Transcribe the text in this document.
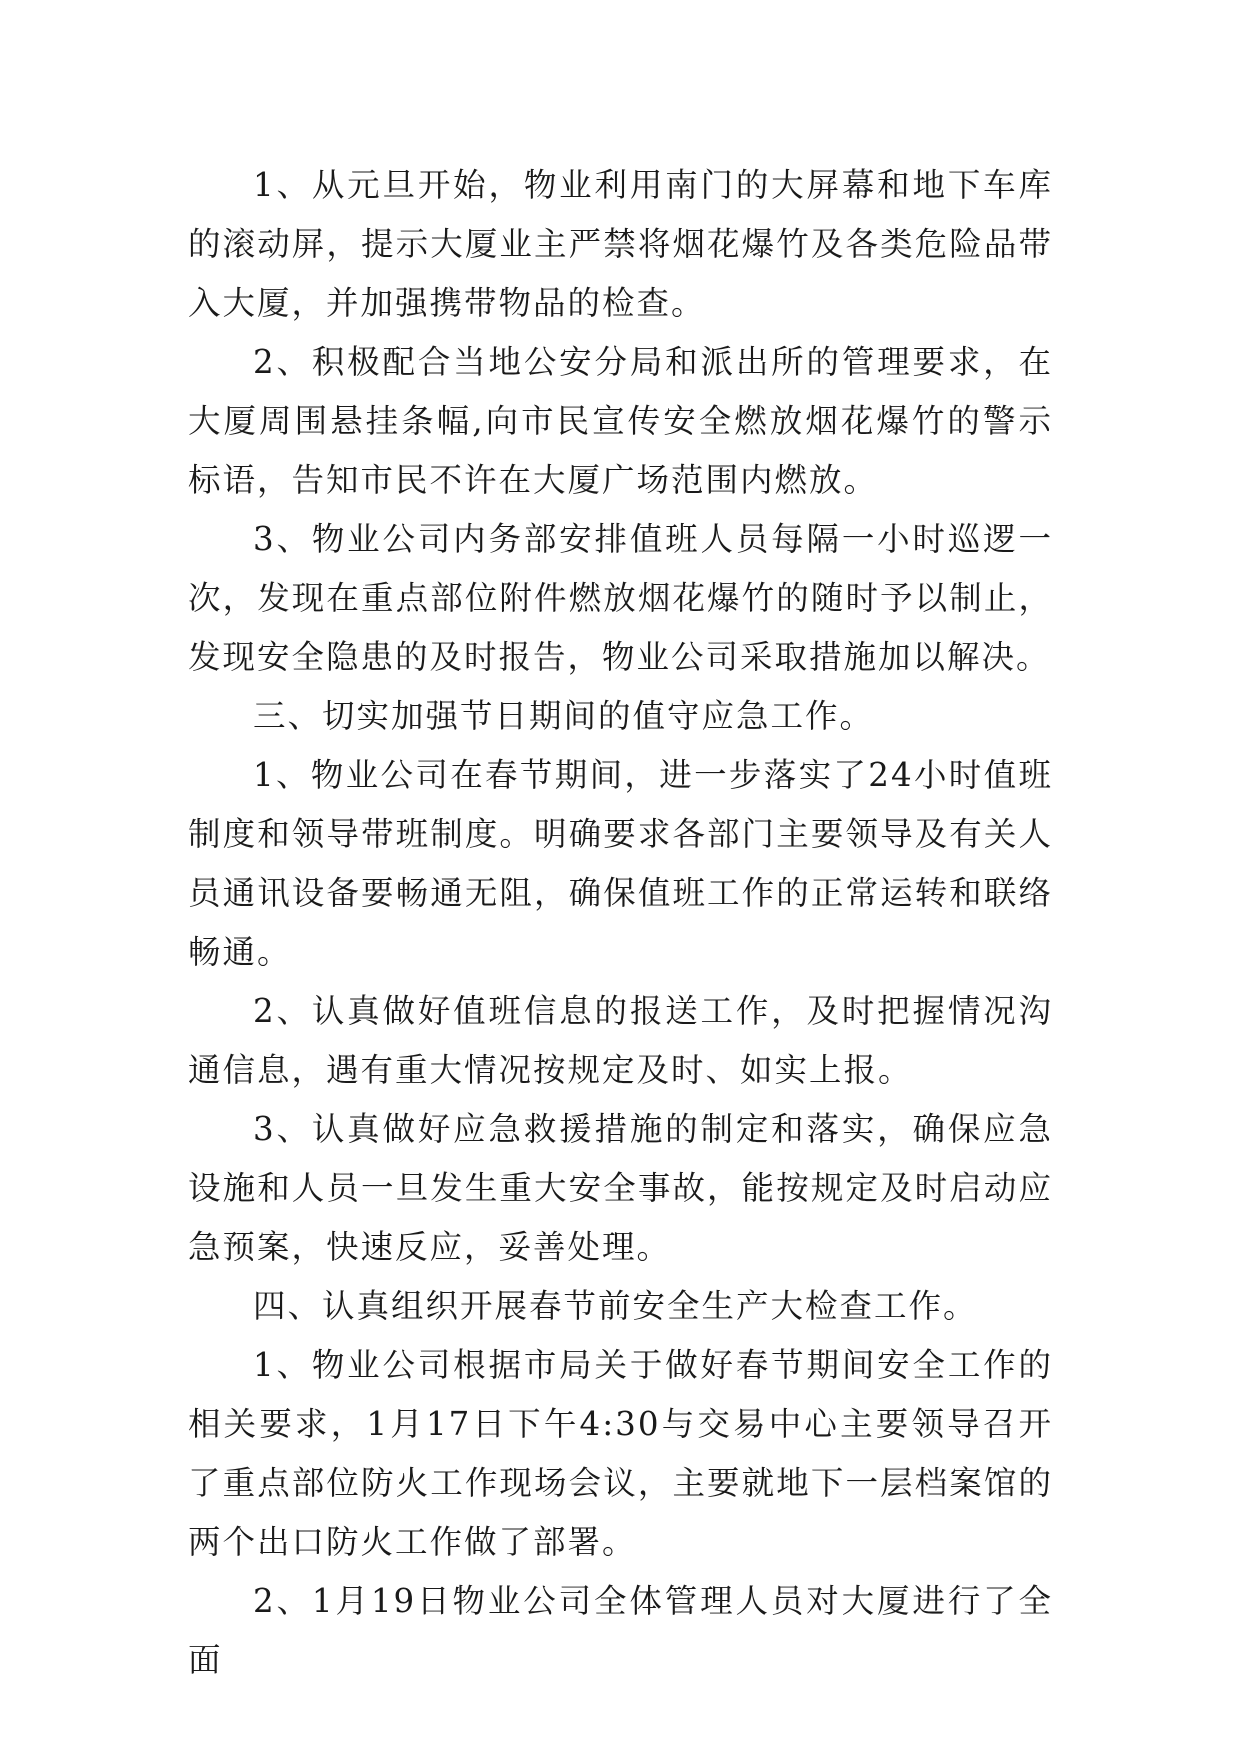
1、从元旦开始，物业利用南门的大屏幕和地下车库的滚动屏，提示大厦业主严禁将烟花爆竹及各类危险品带入大厦，并加强携带物品的检查。

2、积极配合当地公安分局和派出所的管理要求，在大厦周围悬挂条幅,向市民宣传安全燃放烟花爆竹的警示标语，告知市民不许在大厦广场范围内燃放。

3、物业公司内务部安排值班人员每隔一小时巡逻一次，发现在重点部位附件燃放烟花爆竹的随时予以制止，发现安全隐患的及时报告，物业公司采取措施加以解决。

三、切实加强节日期间的值守应急工作。

1、物业公司在春节期间，进一步落实了24小时值班制度和领导带班制度。明确要求各部门主要领导及有关人员通讯设备要畅通无阻，确保值班工作的正常运转和联络畅通。

2、认真做好值班信息的报送工作，及时把握情况沟通信息，遇有重大情况按规定及时、如实上报。

3、认真做好应急救援措施的制定和落实，确保应急设施和人员一旦发生重大安全事故，能按规定及时启动应急预案，快速反应，妥善处理。

四、认真组织开展春节前安全生产大检查工作。

1、物业公司根据市局关于做好春节期间安全工作的相关要求，1月17日下午4:30与交易中心主要领导召开了重点部位防火工作现场会议，主要就地下一层档案馆的两个出口防火工作做了部署。

2、1月19日物业公司全体管理人员对大厦进行了全面
